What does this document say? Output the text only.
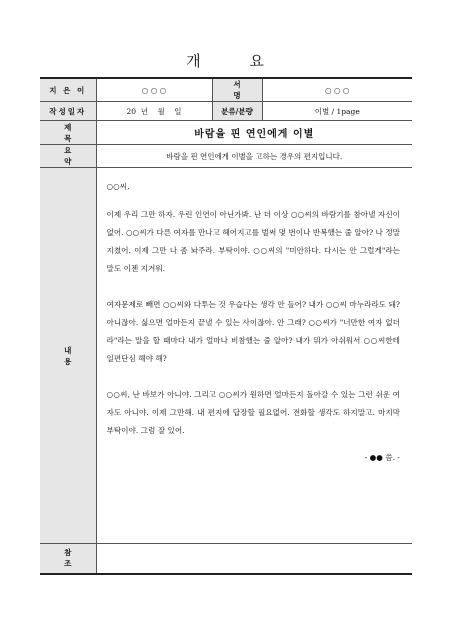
개 요
지 은 이	○ ○ ○	서 명	○ ○ ○
작성일자	20  년    월    일	분류/분량	이별 / 1page
제 목	바람을 핀 연인에게 이별		
요 약	바람을 핀 연인에게 이별을 고하는 경우의 편지입니다.		
내 용	○○씨,

이제 우리 그만 하자. 우린 인연이 아닌가봐. 난 더 이상 ○○씨의 바람기를 참아낼 자신이 없어. ○○씨가 다른 여자를 만나고 헤어지고를 벌써 몇 번이나 반복했는 줄 알아? 나 정말 지쳤어. 이제 그만 나 좀 놔주라. 부탁이야. ○○씨의 "미안하다. 다시는 안 그럴게"라는 말도 이젠 지겨워.

여자문제로 빼면 ○○씨와 다투는 것 우습다는 생각 안 들어? 내가 ○○씨 마누라라도 돼? 아니잖아. 싫으면 얼마든지 끝낼 수 있는 사이잖아. 안 그래? ○○씨가 "너만한 여자 없더라"라는 말을 할 때마다 내가 얼마나 비참했는 줄 알아? 내가 뭐가 아쉬워서 ○○씨한테 일편단심 해야 해?

○○씨, 난 바보가 아니야. 그리고 ○○씨가 원하면 얼마든지 돌아갈 수 있는 그런 쉬운 여자도 아니야. 이제 그만해. 내 편지에 답장할 필요없어. 전화할 생각도 하지말고. 마지막 부탁이야. 그럼 잘 있어.

- ●● 씀. -		

참 조			
